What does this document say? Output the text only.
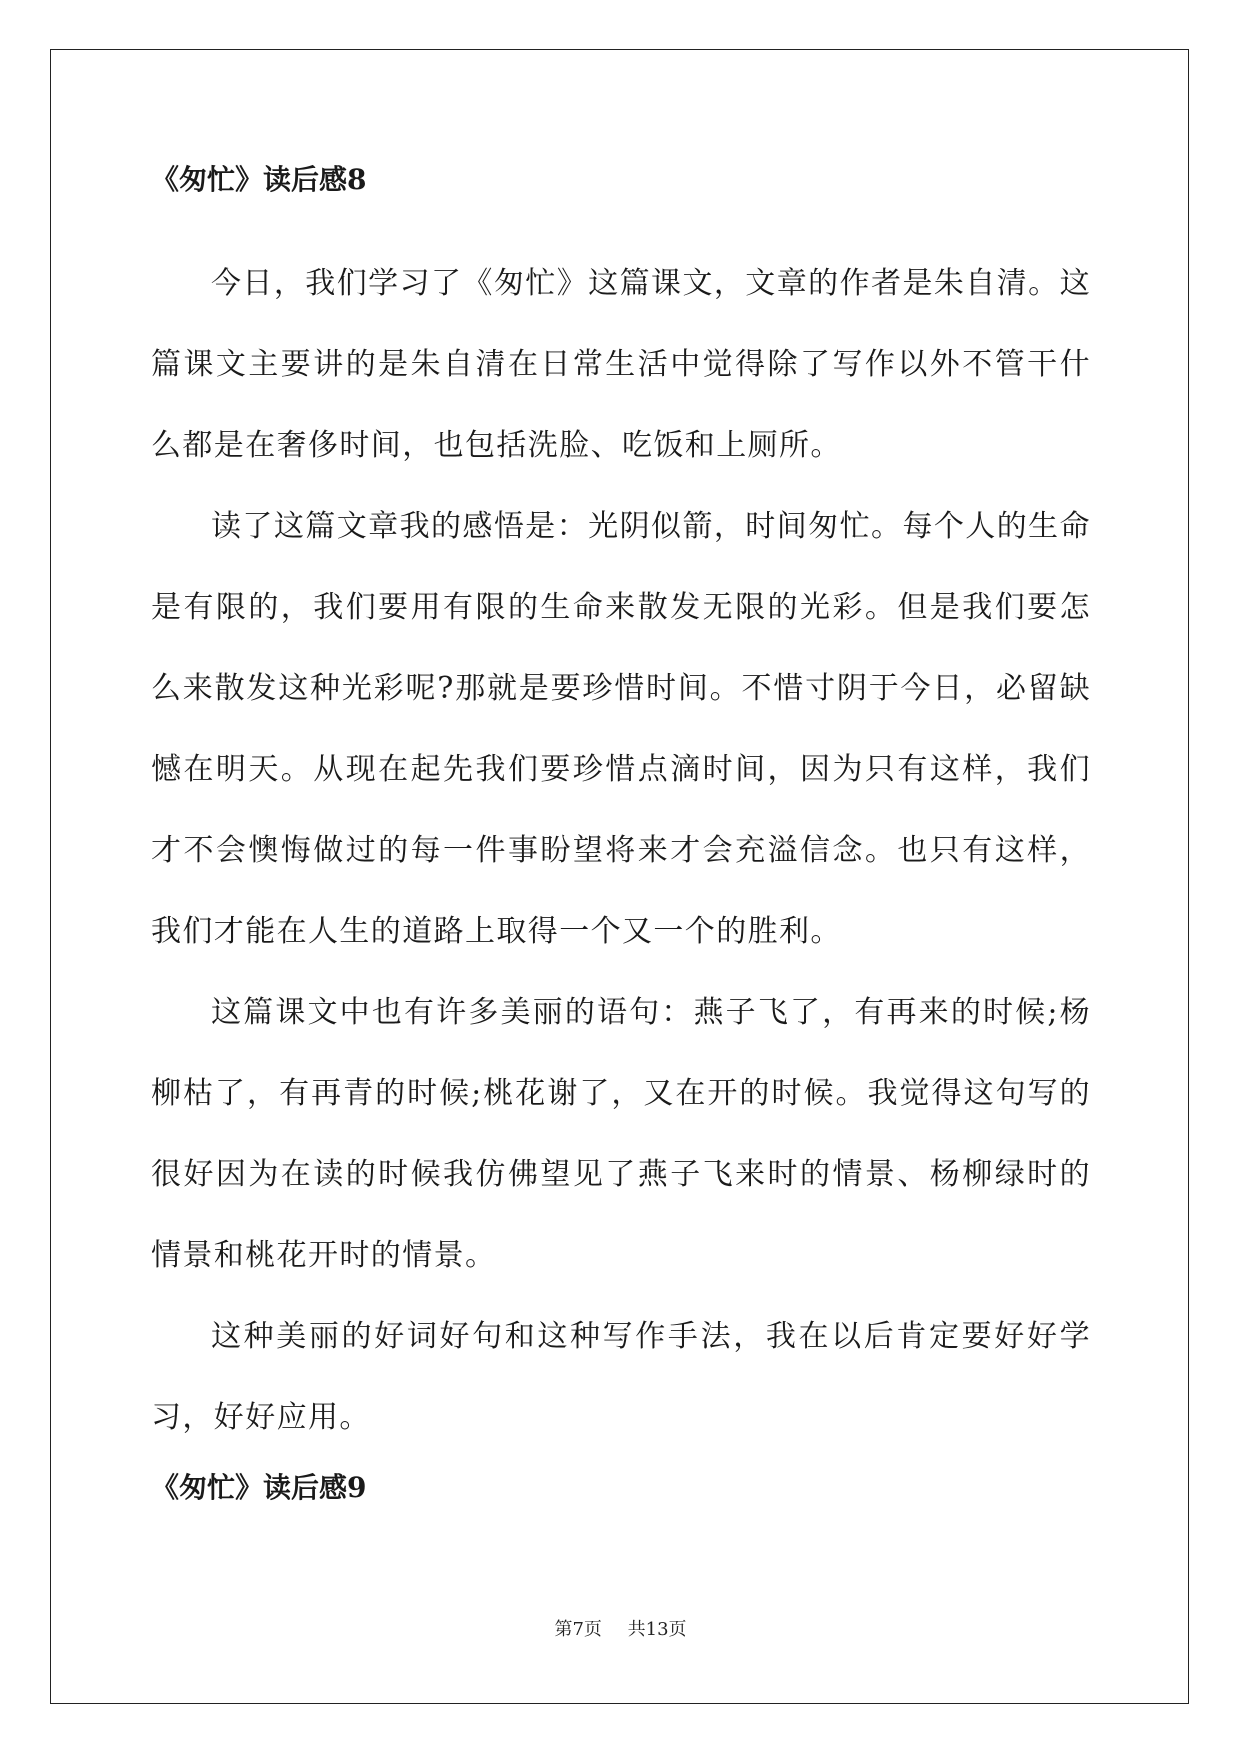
《匆忙》读后感8

今日，我们学习了《匆忙》这篇课文，文章的作者是朱自清。这篇课文主要讲的是朱自清在日常生活中觉得除了写作以外不管干什么都是在奢侈时间，也包括洗脸、吃饭和上厕所。

读了这篇文章我的感悟是：光阴似箭，时间匆忙。每个人的生命是有限的，我们要用有限的生命来散发无限的光彩。但是我们要怎么来散发这种光彩呢?那就是要珍惜时间。不惜寸阴于今日，必留缺憾在明天。从现在起先我们要珍惜点滴时间，因为只有这样，我们才不会懊悔做过的每一件事盼望将来才会充溢信念。也只有这样，我们才能在人生的道路上取得一个又一个的胜利。

这篇课文中也有许多美丽的语句：燕子飞了，有再来的时候;杨柳枯了，有再青的时候;桃花谢了，又在开的时候。我觉得这句写的很好因为在读的时候我仿佛望见了燕子飞来时的情景、杨柳绿时的情景和桃花开时的情景。

这种美丽的好词好句和这种写作手法，我在以后肯定要好好学习，好好应用。

《匆忙》读后感9
第7页 共13页
